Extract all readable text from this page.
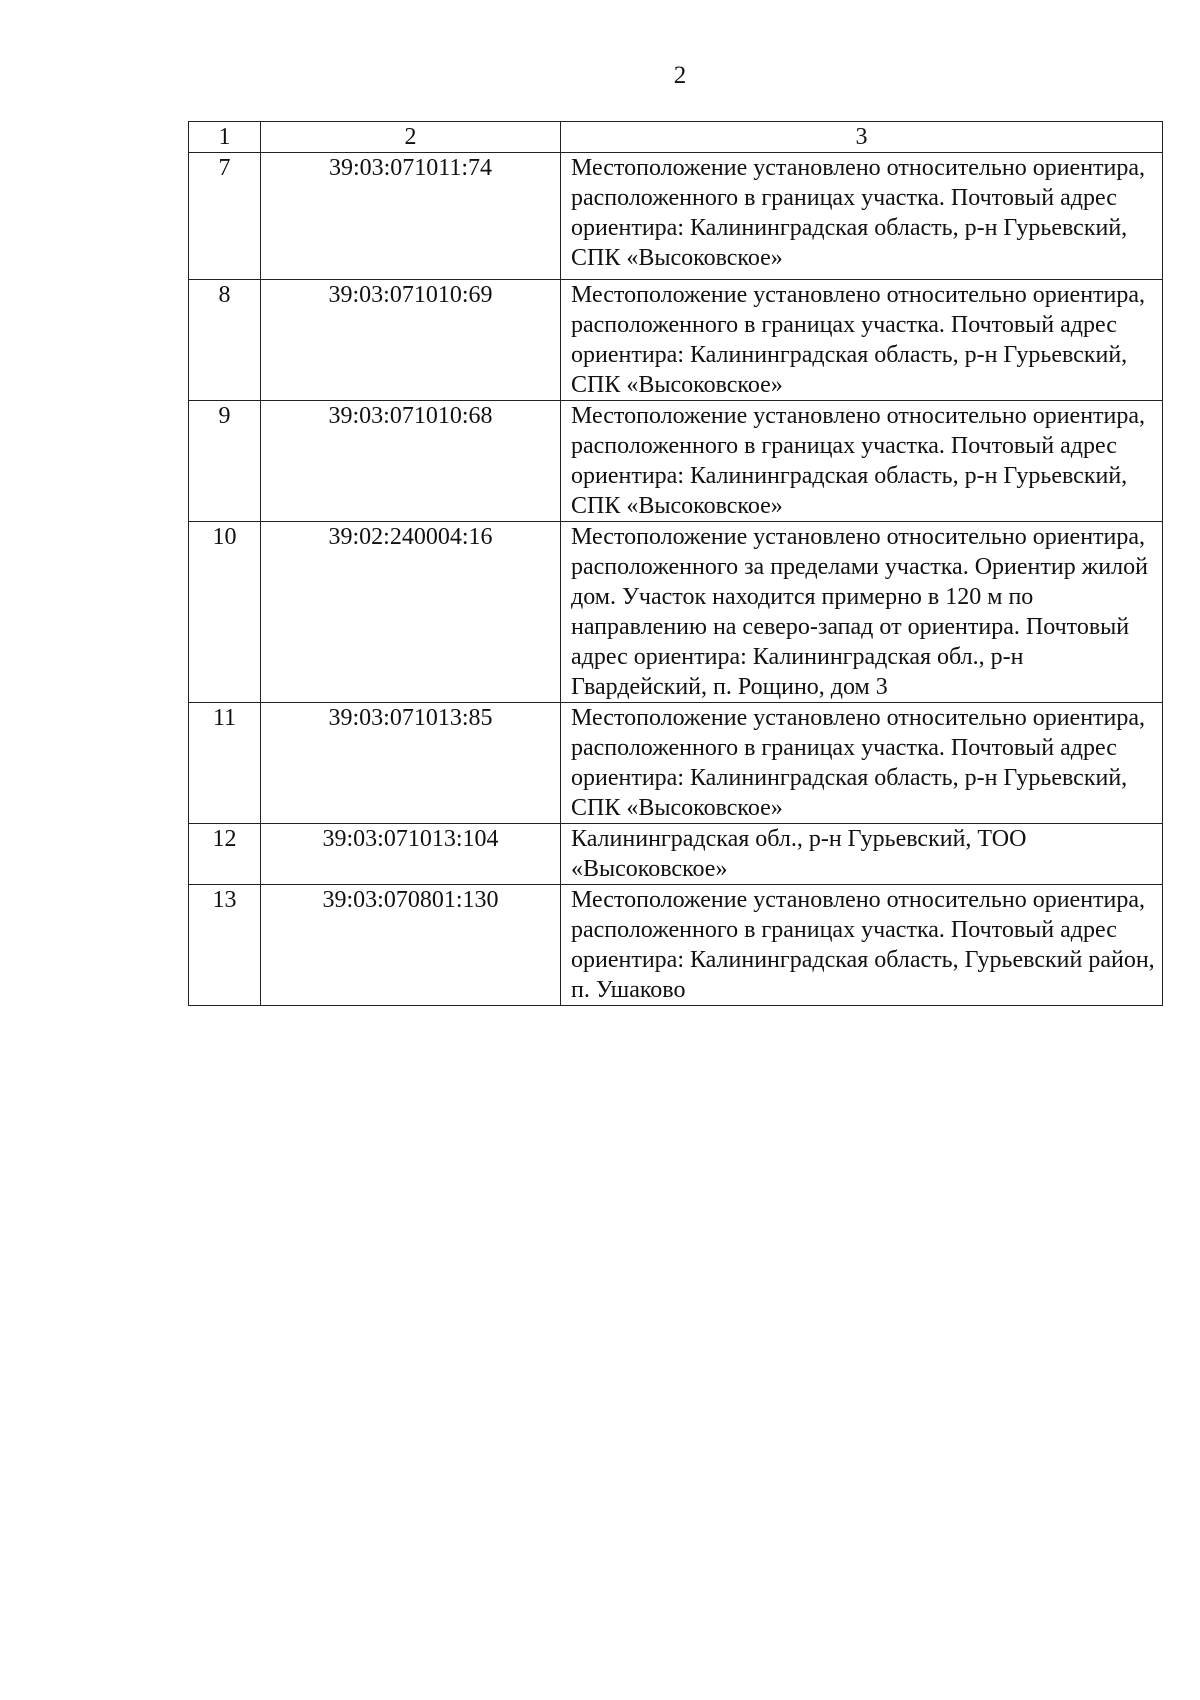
2
1	2	3
7	39:03:071011:74	Местоположение установлено относительно ориентира, расположенного в границах участка. Почтовый адрес ориентира: Калининградская область, р-н Гурьевский, СПК «Высоковское»
8	39:03:071010:69	Местоположение установлено относительно ориентира, расположенного в границах участка. Почтовый адрес ориентира: Калининградская область, р-н Гурьевский, СПК «Высоковское»
9	39:03:071010:68	Местоположение установлено относительно ориентира, расположенного в границах участка. Почтовый адрес ориентира: Калининградская область, р-н Гурьевский, СПК «Высоковское»
10	39:02:240004:16	Местоположение установлено относительно ориентира, расположенного за пределами участка. Ориентир жилой дом. Участок находится примерно в 120 м по направлению на северо-запад от ориентира. Почтовый адрес ориентира: Калининградская обл., р-н Гвардейский, п. Рощино, дом 3
11	39:03:071013:85	Местоположение установлено относительно ориентира, расположенного в границах участка. Почтовый адрес ориентира: Калининградская область, р-н Гурьевский, СПК «Высоковское»
12	39:03:071013:104	Калининградская обл., р-н Гурьевский, ТОО «Высоковское»
13	39:03:070801:130	Местоположение установлено относительно ориентира, расположенного в границах участка. Почтовый адрес ориентира: Калининградская область, Гурьевский район, п. Ушаково
